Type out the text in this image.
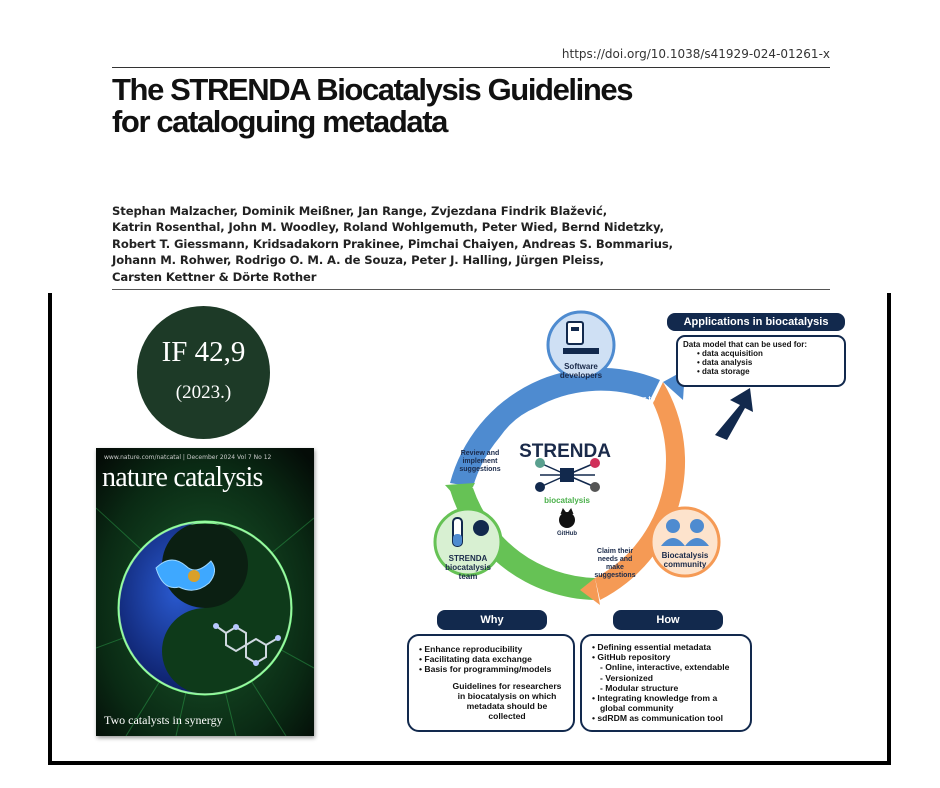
https://doi.org/10.1038/s41929-024-01261-x
The STRENDA Biocatalysis Guidelines
for cataloguing metadata
Stephan Malzacher, Dominik Meißner, Jan Range, Zvjezdana Findrik Blažević,
Katrin Rosenthal, John M. Woodley, Roland Wohlgemuth, Peter Wied, Bernd Nidetzky,
Robert T. Giessmann, Kridsadakorn Prakinee, Pimchai Chaiyen, Andreas S. Bommarius,
Johann M. Rohwer, Rodrigo O. M. A. de Souza, Peter J. Halling, Jürgen Pleiss,
Carsten Kettner & Dörte Rother
IF 42,9
(2023.)
www.nature.com/natcatal | December 2024 Vol 7 No 12
nature catalysis
Two catalysts in synergy
STRENDA
biocatalysis
GitHub
Software
developers
Guidelines to
Python code
Review and
implement
suggestions
STRENDA
biocatalysis
team
Claim their
needs and
make
suggestions
Biocatalysis
community
Applications in biocatalysis
Data model that can be used for:
• data acquisition
• data analysis
• data storage
Why
• Enhance reproducibility
• Facilitating data exchange
• Basis for programming/models
Guidelines for researchers
in biocatalysis on which
metadata should be
collected
How
• Defining essential metadata
• GitHub repository
- Online, interactive, extendable
- Versionized
- Modular structure
• Integrating knowledge from a
global community
• sdRDM as communication tool
